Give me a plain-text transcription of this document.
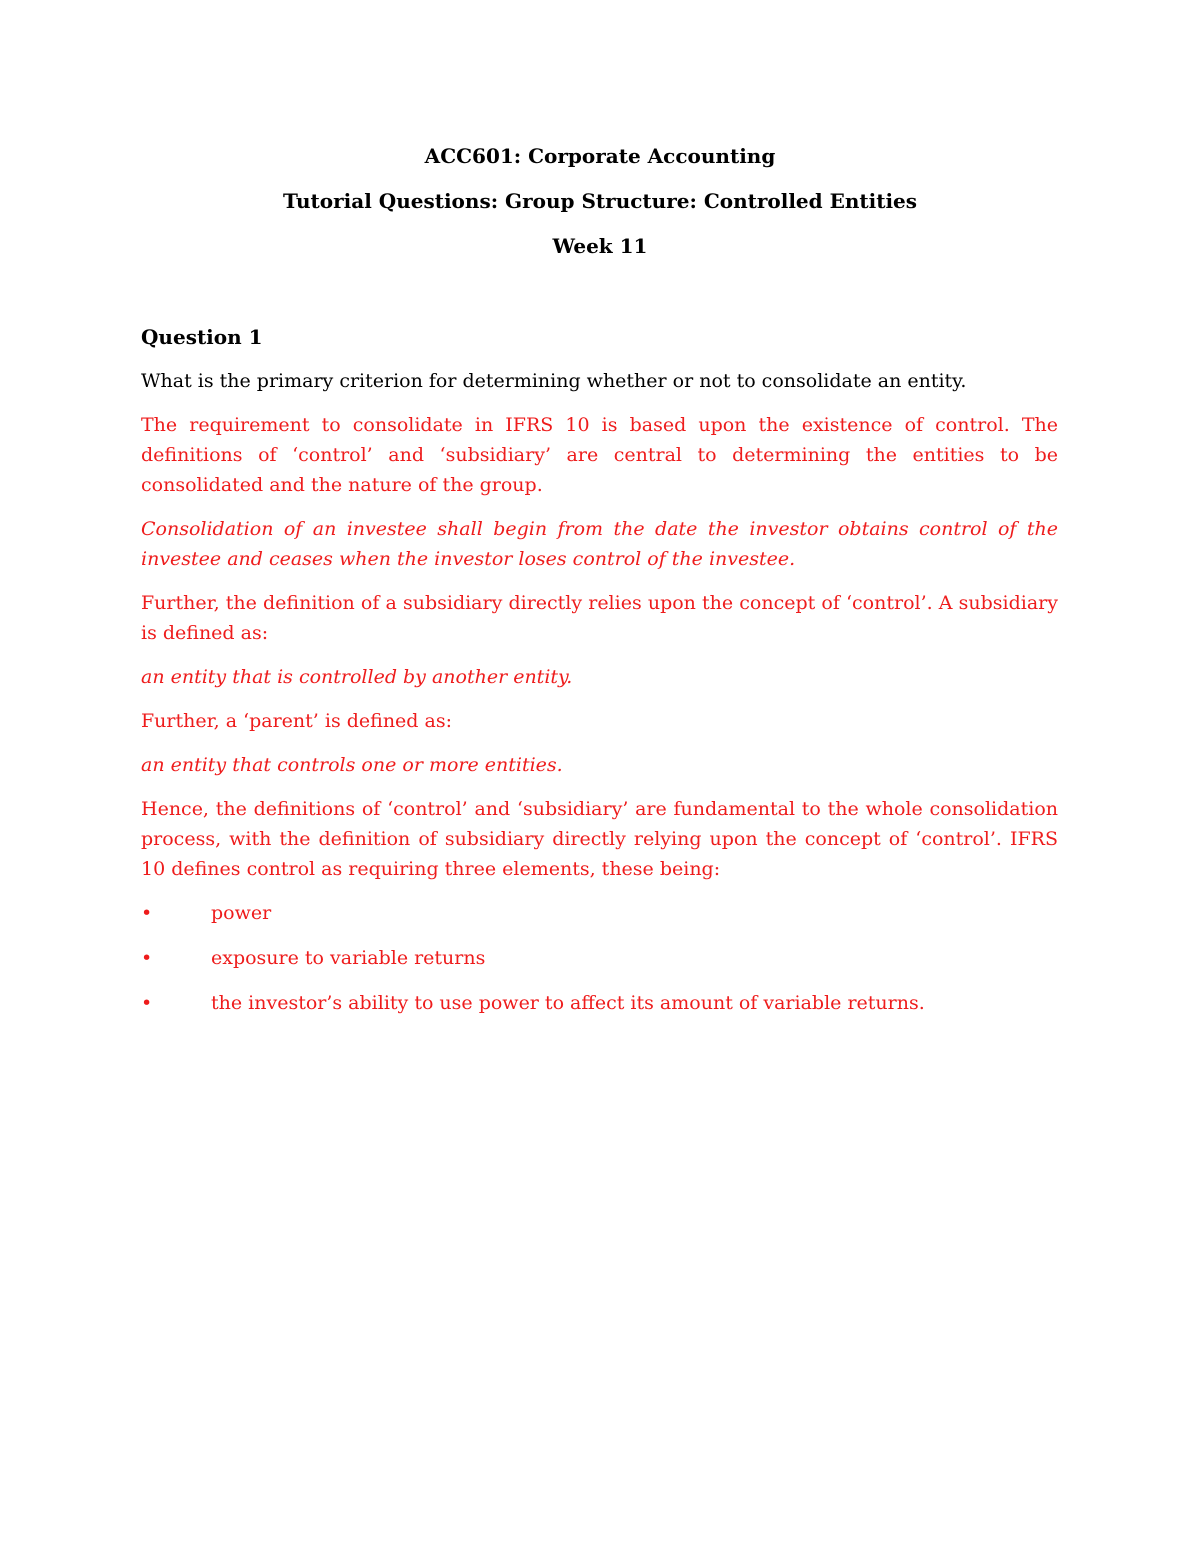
ACC601: Corporate Accounting

Tutorial Questions: Group Structure: Controlled Entities

Week 11

Question 1

What is the primary criterion for determining whether or not to consolidate an entity.

The requirement to consolidate in IFRS 10 is based upon the existence of control. The definitions of ‘control’ and ‘subsidiary’ are central to determining the entities to be consolidated and the nature of the group.

Consolidation of an investee shall begin from the date the investor obtains control of the investee and ceases when the investor loses control of the investee.

Further, the definition of a subsidiary directly relies upon the concept of ‘control’. A subsidiary is defined as:

an entity that is controlled by another entity.

Further, a ‘parent’ is defined as:

an entity that controls one or more entities.

Hence, the definitions of ‘control’ and ‘subsidiary’ are fundamental to the whole consolidation process, with the definition of subsidiary directly relying upon the concept of ‘control’. IFRS 10 defines control as requiring three elements, these being:

•	power
•	exposure to variable returns
•	the investor’s ability to use power to affect its amount of variable returns.
